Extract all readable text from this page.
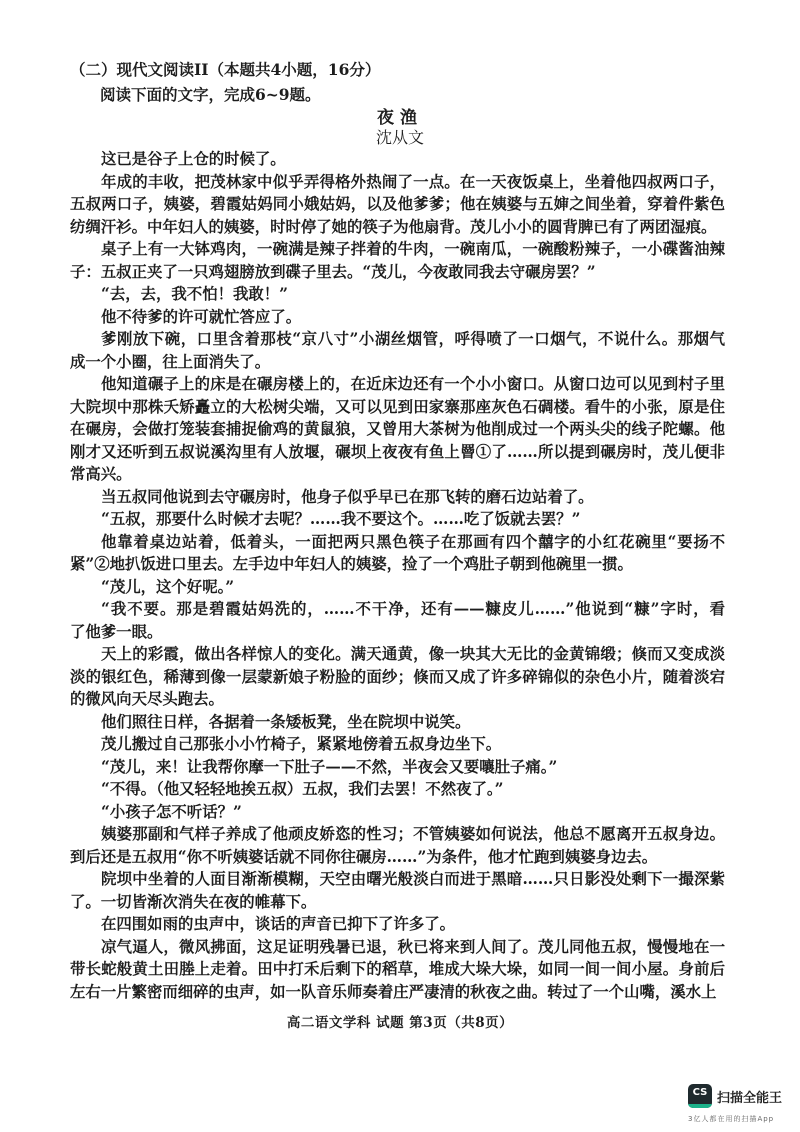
（二）现代文阅读II（本题共4小题，16分）
阅读下面的文字，完成6~9题。
夜渔
沈从文
这已是谷子上仓的时候了。
年成的丰收，把茂林家中似乎弄得格外热闹了一点。在一天夜饭桌上，坐着他四叔两口子，
五叔两口子，姨婆，碧霞姑妈同小娥姑妈，以及他爹爹；他在姨婆与五婶之间坐着，穿着件紫色
纺绸汗衫。中年妇人的姨婆，时时停了她的筷子为他扇背。茂儿小小的圆背脾已有了两团湿痕。
桌子上有一大钵鸡肉，一碗满是辣子拌着的牛肉，一碗南瓜，一碗酸粉辣子，一小碟酱油辣
子：五叔正夹了一只鸡翅膀放到碟子里去。“茂儿，今夜敢同我去守碾房罢？”
“去，去，我不怕！我敢！”
他不待爹的许可就忙答应了。
爹刚放下碗，口里含着那枝“京八寸”小湖丝烟管，呼得喷了一口烟气，不说什么。那烟气
成一个小圈，往上面消失了。
他知道碾子上的床是在碾房楼上的，在近床边还有一个小小窗口。从窗口边可以见到村子里
大院坝中那株夭矫矗立的大松树尖端，又可以见到田家寨那座灰色石碉楼。看牛的小张，原是住
在碾房，会做打笼装套捕捉偷鸡的黄鼠狼，又曾用大茶树为他削成过一个两头尖的线子陀螺。他
刚才又还听到五叔说溪沟里有人放堰，碾坝上夜夜有鱼上罾①了……所以提到碾房时，茂儿便非
常高兴。
当五叔同他说到去守碾房时，他身子似乎早已在那飞转的磨石边站着了。
“五叔，那要什么时候才去呢？……我不要这个。……吃了饭就去罢？”
他靠着桌边站着，低着头，一面把两只黑色筷子在那画有四个囍字的小红花碗里“要扬不
紧”②地扒饭进口里去。左手边中年妇人的姨婆，捡了一个鸡肚子朝到他碗里一掼。
“茂儿，这个好呢。”
“我不要。那是碧霞姑妈洗的，……不干净，还有——糠皮儿……”他说到“糠”字时，看
了他爹一眼。
天上的彩霞，做出各样惊人的变化。满天通黄，像一块其大无比的金黄锦缎；倏而又变成淡
淡的银红色，稀薄到像一层蒙新娘子粉脸的面纱；倏而又成了许多碎锦似的杂色小片，随着淡宕
的微风向天尽头跑去。
他们照往日样，各据着一条矮板凳，坐在院坝中说笑。
茂儿搬过自己那张小小竹椅子，紧紧地傍着五叔身边坐下。
“茂儿，来！让我帮你摩一下肚子——不然，半夜会又要嚷肚子痛。”
“不得。（他又轻轻地挨五叔）五叔，我们去罢！不然夜了。”
“小孩子怎不听话？”
姨婆那副和气样子养成了他顽皮娇恣的性习；不管姨婆如何说法，他总不愿离开五叔身边。
到后还是五叔用“你不听姨婆话就不同你往碾房……”为条件，他才忙跑到姨婆身边去。
院坝中坐着的人面目渐渐模糊，天空由曙光般淡白而进于黑暗……只日影没处剩下一撮深紫
了。一切皆渐次消失在夜的帷幕下。
在四围如雨的虫声中，谈话的声音已抑下了许多了。
凉气逼人，微风拂面，这足证明残暑已退，秋已将来到人间了。茂儿同他五叔，慢慢地在一
带长蛇般黄土田塍上走着。田中打禾后剩下的稻草，堆成大垛大垛，如同一间一间小屋。身前后
左右一片繁密而细碎的虫声，如一队音乐师奏着庄严凄清的秋夜之曲。转过了一个山嘴，溪水上
高二语文学科 试题 第3页（共8页）
CS 扫描全能王
3亿人都在用的扫描App
